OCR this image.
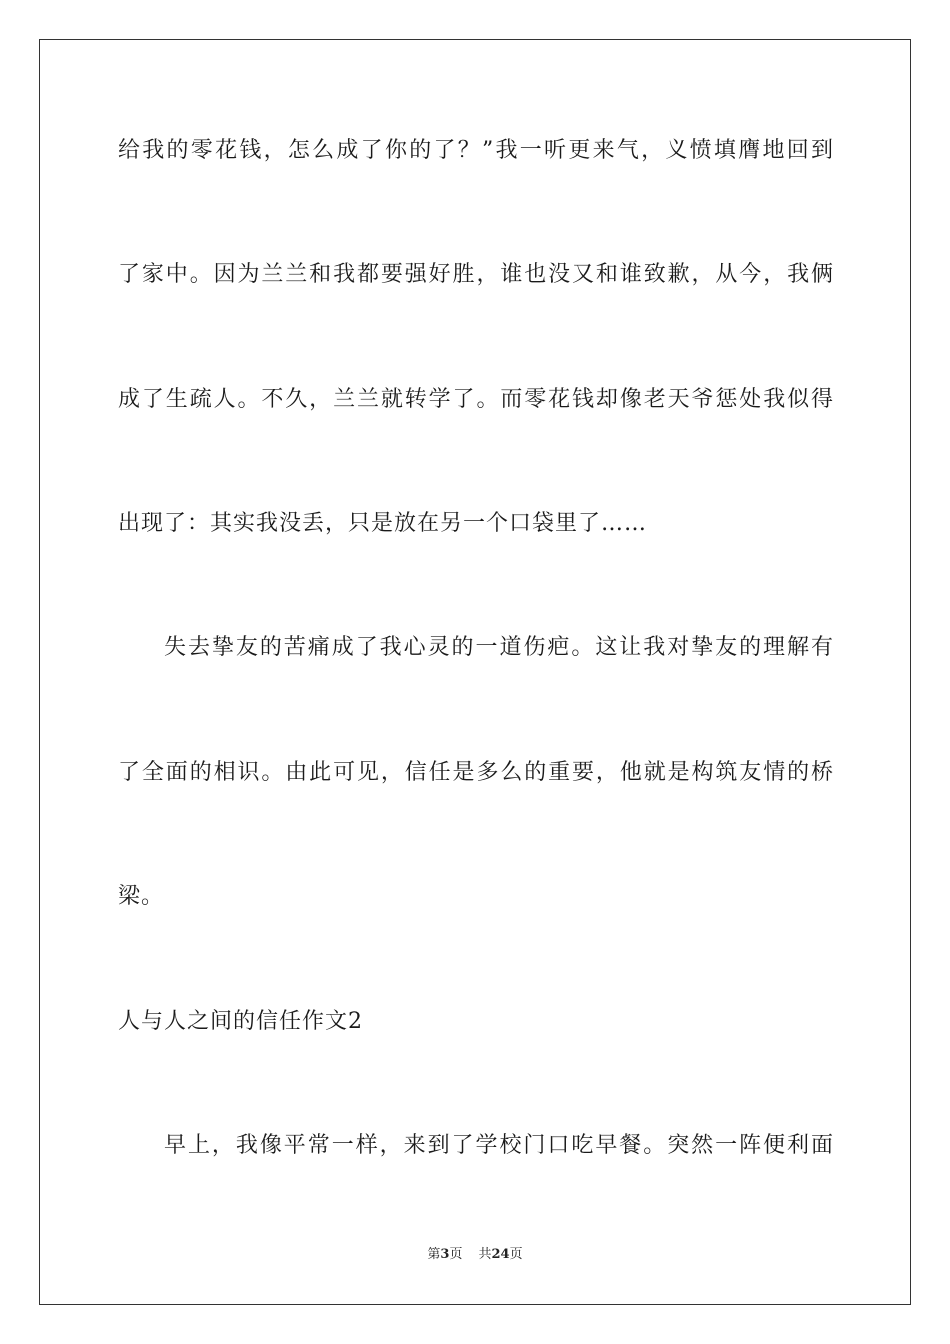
给我的零花钱，怎么成了你的了？”我一听更来气，义愤填膺地回到
了家中。因为兰兰和我都要强好胜，谁也没又和谁致歉，从今，我俩
成了生疏人。不久，兰兰就转学了。而零花钱却像老天爷惩处我似得
出现了：其实我没丢，只是放在另一个口袋里了……
失去挚友的苦痛成了我心灵的一道伤疤。这让我对挚友的理解有
了全面的相识。由此可见，信任是多么的重要，他就是构筑友情的桥
梁。
人与人之间的信任作文2
早上，我像平常一样，来到了学校门口吃早餐。突然一阵便利面
第3页 共24页
